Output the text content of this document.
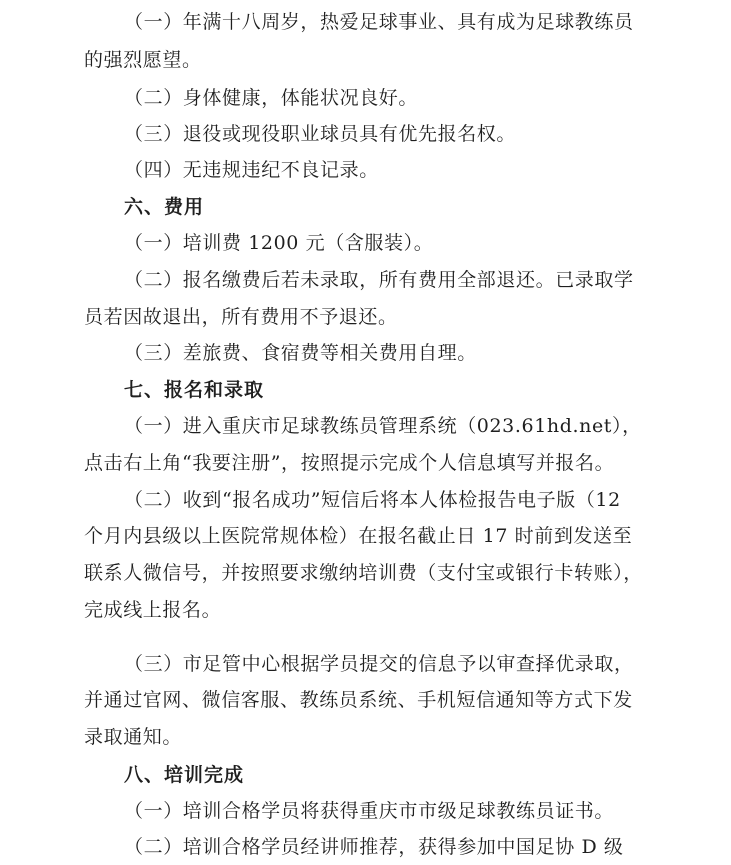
（一）年满十八周岁，热爱足球事业、具有成为足球教练员
的强烈愿望。
（二）身体健康，体能状况良好。
（三）退役或现役职业球员具有优先报名权。
（四）无违规违纪不良记录。
六、费用
（一）培训费 1200 元（含服装）。
（二）报名缴费后若未录取，所有费用全部退还。已录取学
员若因故退出，所有费用不予退还。
（三）差旅费、食宿费等相关费用自理。
七、报名和录取
（一）进入重庆市足球教练员管理系统（023.61hd.net），
点击右上角“我要注册”，按照提示完成个人信息填写并报名。
（二）收到“报名成功”短信后将本人体检报告电子版（12
个月内县级以上医院常规体检）在报名截止日 17 时前到发送至
联系人微信号，并按照要求缴纳培训费（支付宝或银行卡转账），
完成线上报名。
（三）市足管中心根据学员提交的信息予以审查择优录取，
并通过官网、微信客服、教练员系统、手机短信通知等方式下发
录取通知。
八、培训完成
（一）培训合格学员将获得重庆市市级足球教练员证书。
（二）培训合格学员经讲师推荐，获得参加中国足协 D 级
